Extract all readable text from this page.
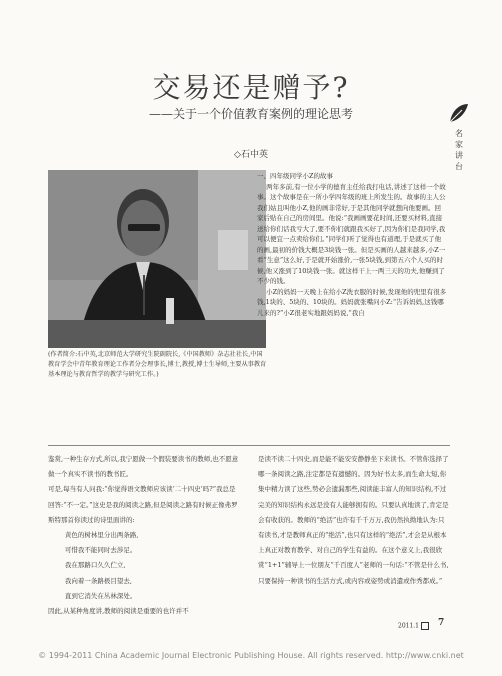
交易还是赠予?
——关于一个价值教育案例的理论思考
◇石中英
名家讲台
(作者简介:石中英,北京师范大学研究生院副院长,《中国教师》杂志社社长,中国教育学会中青年教育理论工作者分会理事长,博士,教授,博士生导师,主要从事教育基本理论与教育哲学的教学与研究工作。)

一、四年级同学小Z的故事

两年多前,有一位小学的德育主任给我打电话,讲述了这样一个故事。这个故事是在一所小学四年级的班上所发生的。故事的主人公我们姑且叫他小Z,他的画非常好,于是其他同学就想向他要画。回家后贴在自己的房间里。他说:“我画画要花时间,还要买材料,直接送给你们话我亏大了,要不你们就跟我买好了,因为你们是我同学,我可以便宜一点卖给你们。”同学们听了觉得也有道理,于是就买了他的画,最初的价钱大概是3块钱一张。但是买画的人越来越多,小Z一看“生意”这么好,于是就开始涨价,一张5块钱,到第五六个人买的时候,他又涨到了10块钱一张。就这样干上一两三天的功夫,他赚到了不少的钱。

小Z的妈妈一天晚上在给小Z洗衣服的时候,发现他的兜里有很多钱,1块的、5块的、10块的。妈妈就张嘴问小Z:“告诉妈妈,这钱哪儿来的?”小Z很老实地跟妈妈说,“我自

鉴赏,一种生存方式,所以,我宁愿做一个假装要读书的教师,也不愿意做一个真实不读书的教书匠。

可是,每当有人问我:“你觉得语文教师应该读‘二十四史’吗?”我总是回答:“不一定。”这史是我的阅读之路,但是阅读之路有时候正像弗罗斯特那首你读过的诗里面讲的:

黄色的树林里分出两条路,

可惜我不能同时去涉足。

我在那路口久久伫立,

我向着一条路极目望去,

直到它消失在丛林深处。

因此,从某种角度讲,教师的阅读是重要的也许并不

是读不读二十四史,而是能不能安安静静坐下来读书。不管你选择了哪一条阅读之路,注定都是有遗憾的。因为好书太多,而生命太短,你集中精力读了这些,势必会遗漏那些,阅读能丰富人的知识结构,不过完美的知识结构永远是没有人能够拥有的。只要认真地读了,肯定是会有收获的。教师的“绝活”也许有千千万万,我仍然执拗地认为:只有读书,才是教师真正的“绝活”,也只有这样的“绝活”,才会是从根本上真正对教育教学、对自己的学生有益的。在这个意义上,我很欣赏“1+1”辅导上一位朋友“千百度人”老师的一句话:“不管是什么书,只要保持一种读书的生活方式,或内容或姿势或消遣或作秀都成。”

2011.1	7
© 1994-2011 China Academic Journal Electronic Publishing House. All rights reserved. http://www.cnki.net
